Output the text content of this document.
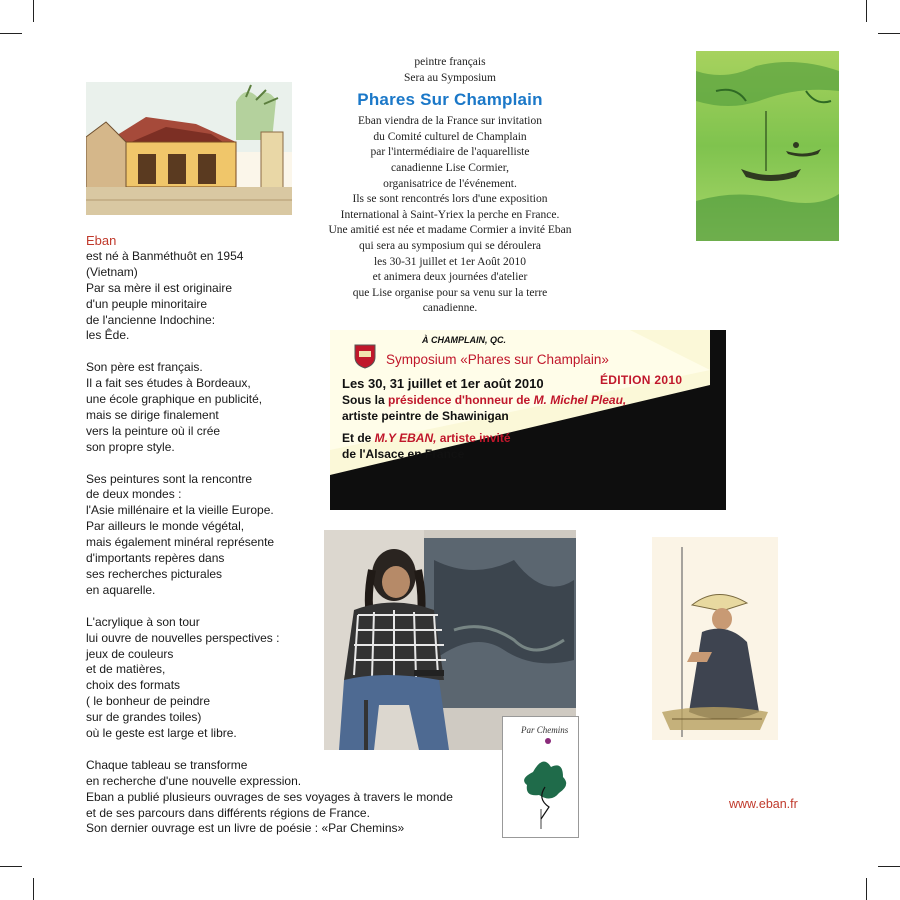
peintre français
Sera au Symposium
Phares Sur Champlain
Eban viendra de la France sur invitation
du Comité culturel de Champlain
par l'intermédiaire de l'aquarelliste
canadienne Lise Cormier,
organisatrice de l'événement.
Ils se sont rencontrés lors d'une exposition
International à Saint-Yriex la perche en France.
Une amitié est née et madame Cormier a invité Eban
qui sera au symposium qui se déroulera
les 30-31 juillet et 1er Août 2010
et animera deux journées d'atelier
que Lise organise pour sa venu sur la terre
canadienne.
Eban
est né à Banméthuôt en 1954
(Vietnam)
Par sa mère il est originaire
d'un peuple minoritaire
de l'ancienne Indochine:
les Êde.
Son père est français.
Il a fait ses études à Bordeaux,
une école graphique en publicité,
mais se dirige finalement
vers la peinture où il crée
son propre style.
Ses peintures sont la rencontre
de deux mondes :
l'Asie millénaire et la vieille Europe.
Par ailleurs le monde végétal,
mais également minéral représente
d'importants repères dans
ses recherches picturales
en aquarelle.
L'acrylique à son tour
lui ouvre de nouvelles perspectives :
jeux de couleurs
et de matières,
choix des formats
( le bonheur de peindre
sur de grandes toiles)
où le geste est large et libre.
Chaque tableau se transforme
en recherche d'une nouvelle expression.
Eban a publié plusieurs ouvrages de ses voyages à travers le monde
et de ses parcours dans différents régions de France.
Son dernier ouvrage est un livre de poésie : «Par Chemins»
À CHAMPLAIN, QC.
Symposium «Phares sur Champlain»
ÉDITION 2010
Les 30, 31 juillet et 1er août 2010
Sous la présidence d'honneur de M. Michel Pleau,
artiste peintre de Shawinigan
Et de M.Y EBAN, artiste invité
de l'Alsace en France
Par Chemins
www.eban.fr
